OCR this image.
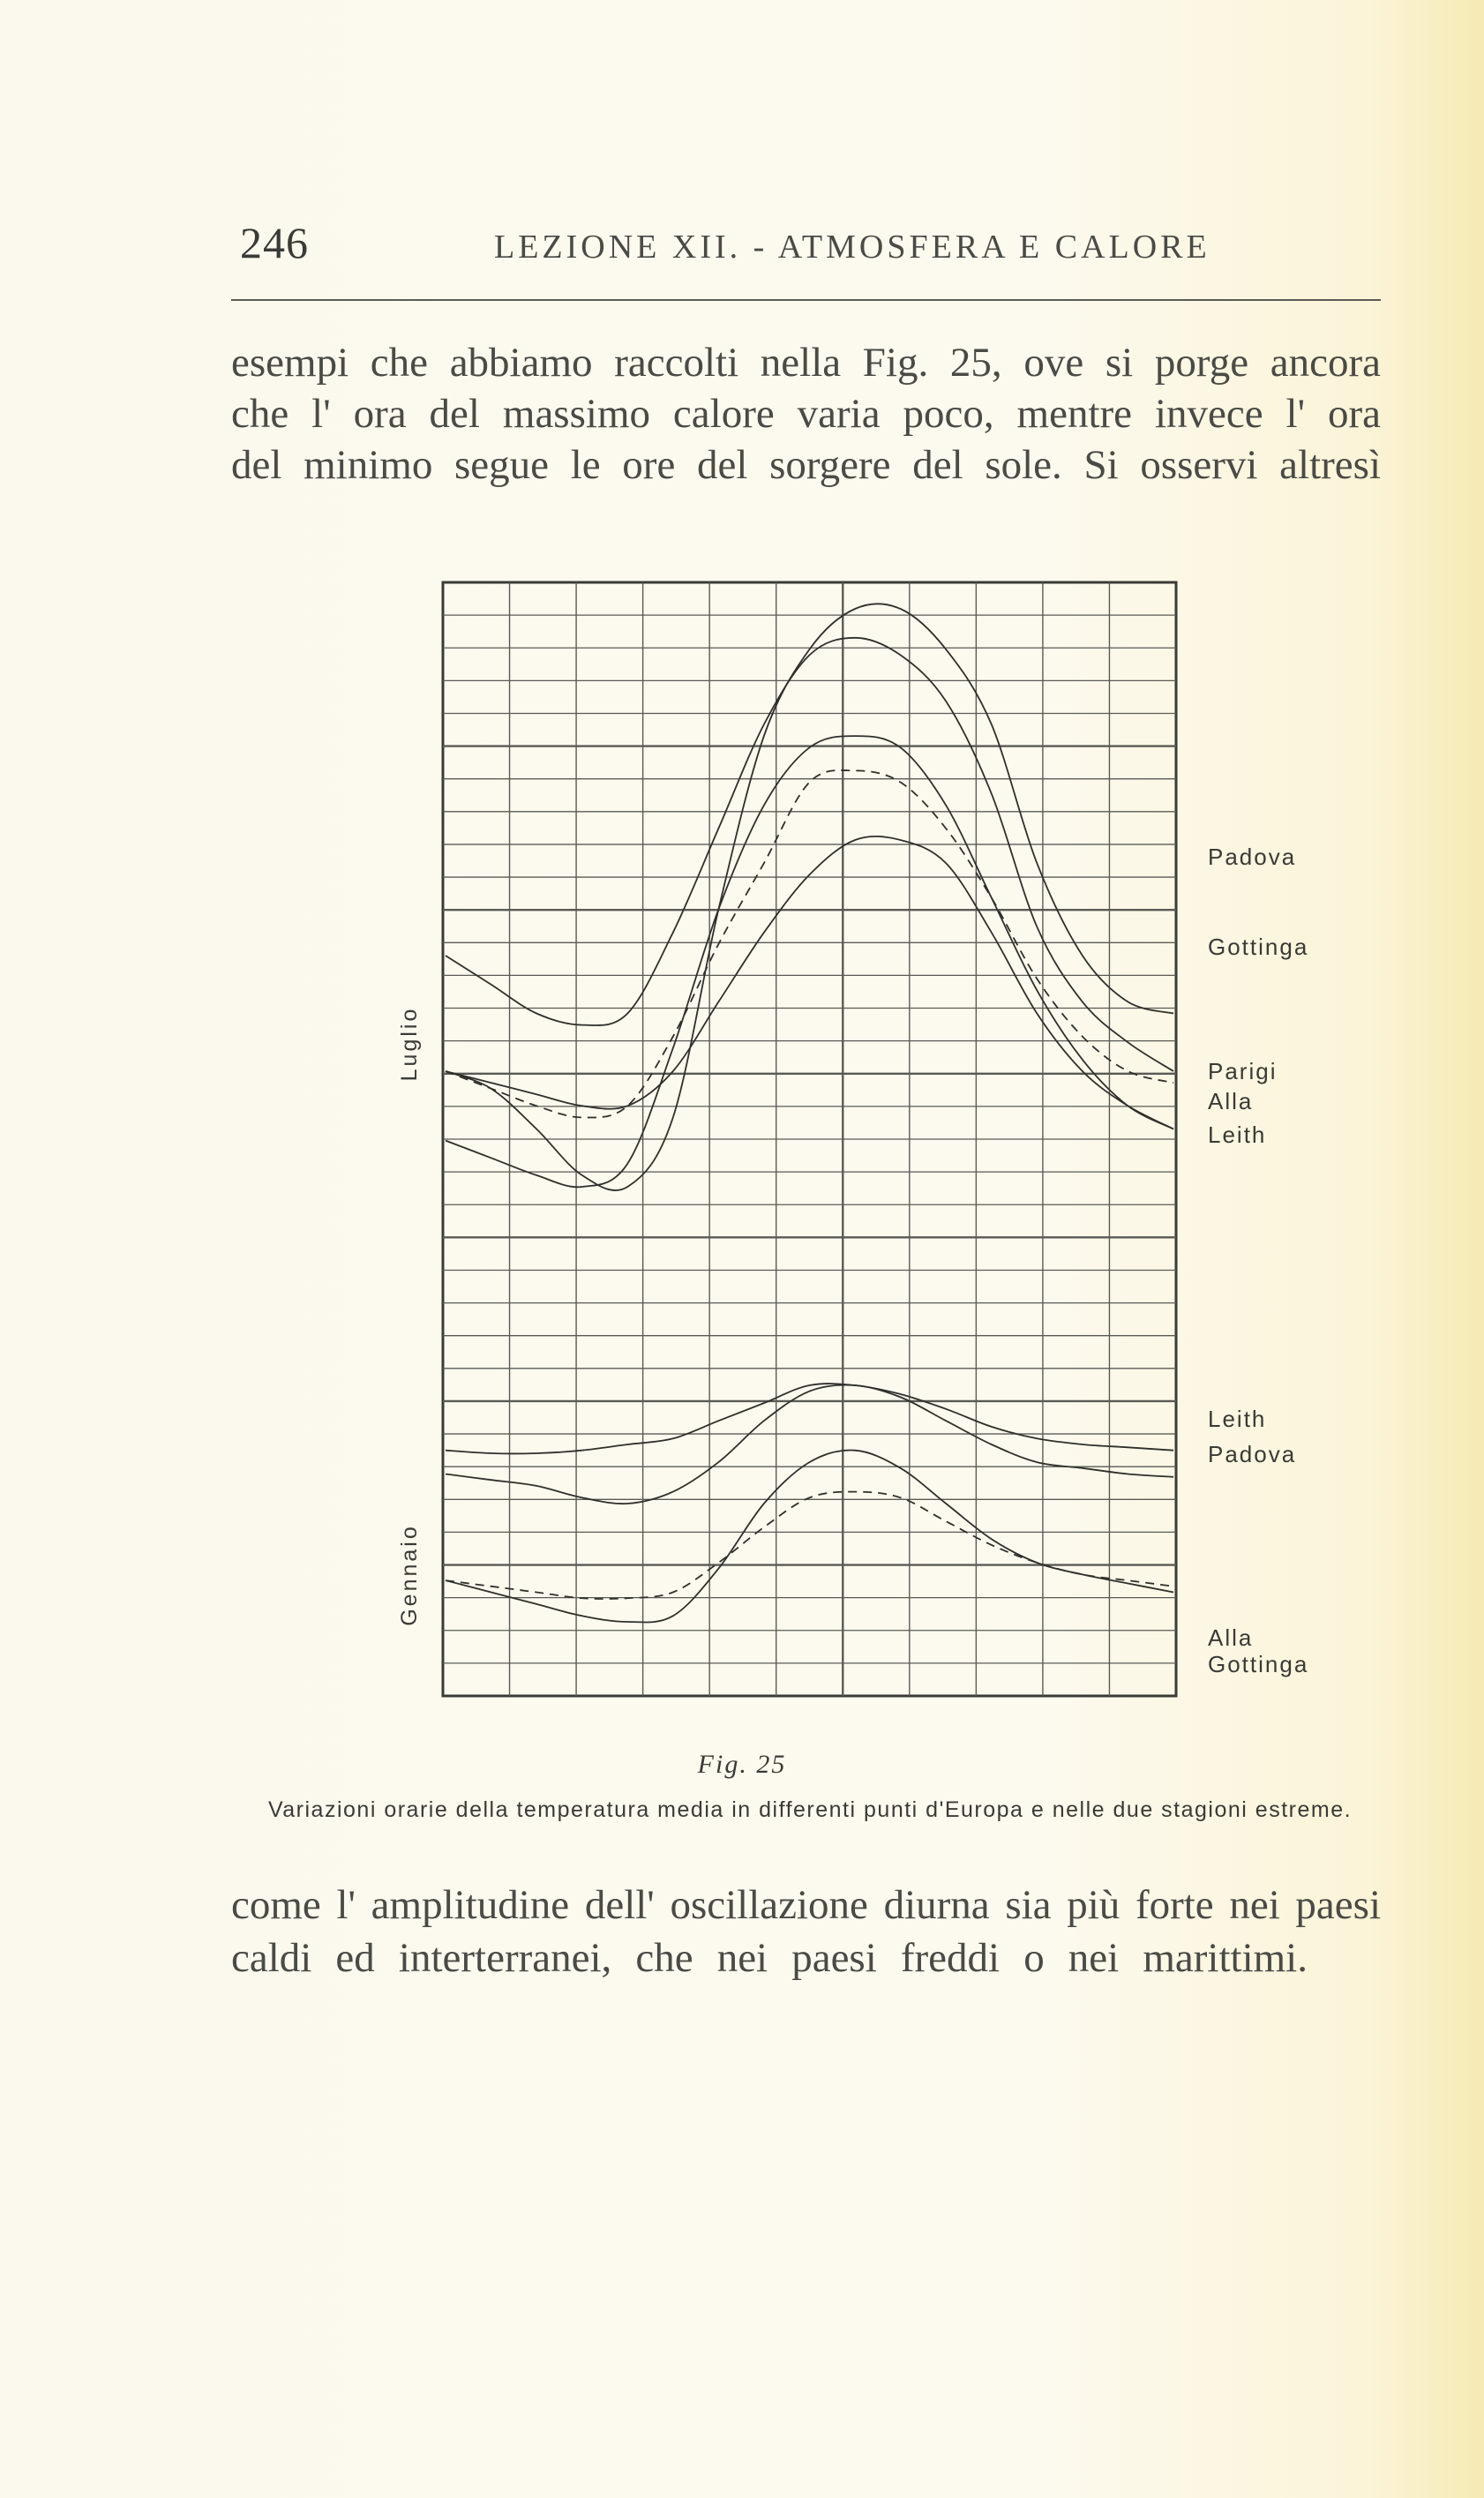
246	LEZIONE XII. - ATMOSFERA E CALORE
esempi che abbiamo raccolti nella Fig. 25, ove si porge ancora
che l' ora del massimo calore varia poco, mentre invece l' ora
del minimo segue le ore del sorgere del sole. Si osservi altresì
Padova
Gottinga
Parigi
Alla
Leith
Luglio
Leith
Padova
Alla
Gottinga
Gennaio
Fig. 25
Variazioni orarie della temperatura media in differenti punti d'Europa e nelle due stagioni estreme.
come l' amplitudine dell' oscillazione diurna sia più forte nei paesi
caldi ed interterranei, che nei paesi freddi o nei marittimi.
